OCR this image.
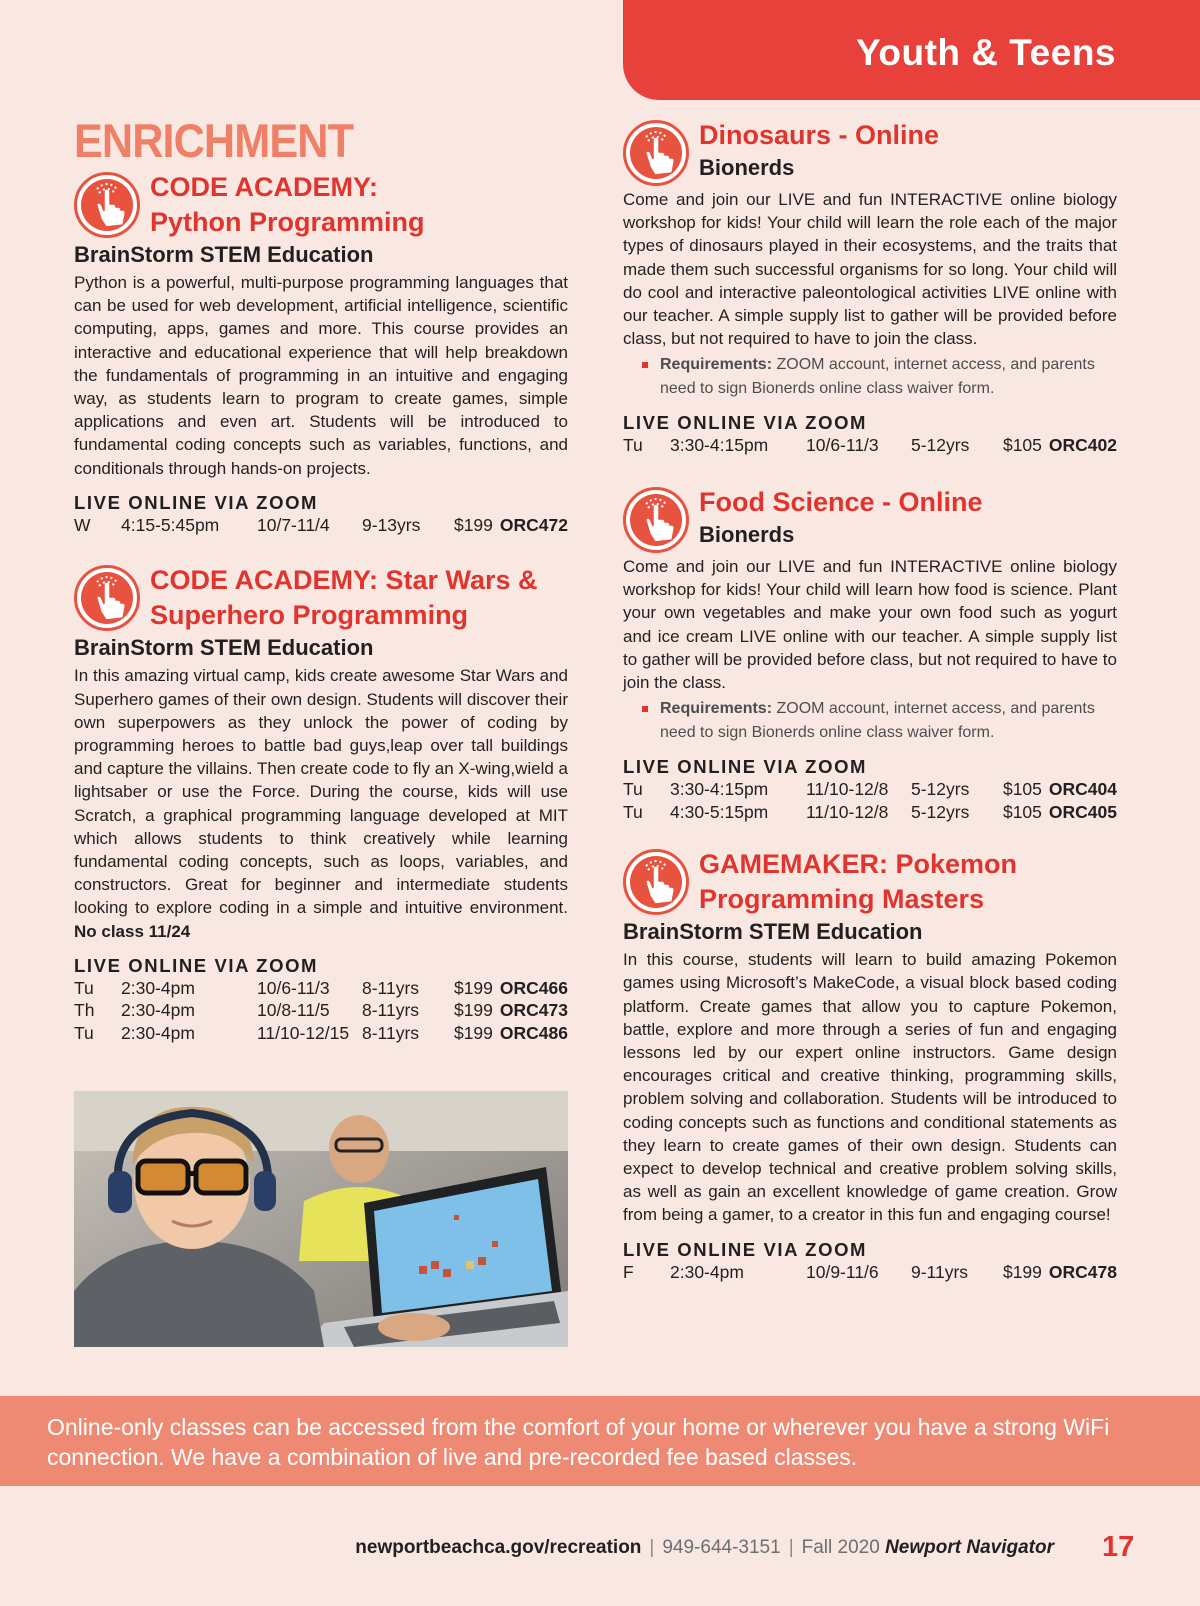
Youth & Teens
ENRICHMENT
CODE ACADEMY:
Python Programming
BrainStorm STEM Education
Python is a powerful, multi-purpose programming languages that can be used for web development, artificial intelligence, scientific computing, apps, games and more. This course provides an interactive and educational experience that will help breakdown the fundamentals of programming in an intuitive and engaging way, as students learn to program to create games, simple applications and even art. Students will be introduced to fundamental coding concepts such as variables, functions, and conditionals through hands-on projects.
LIVE ONLINE VIA ZOOM
W	4:15-5:45pm	10/7-11/4	9-13yrs	$199 ORC472
CODE ACADEMY: Star Wars &
Superhero Programming
BrainStorm STEM Education
In this amazing virtual camp, kids create awesome Star Wars and Superhero games of their own design. Students will discover their own superpowers as they unlock the power of coding by programming heroes to battle bad guys,leap over tall buildings and capture the villains. Then create code to fly an X-wing,wield a lightsaber or use the Force. During the course, kids will use Scratch, a graphical programming language developed at MIT which allows students to think creatively while learning fundamental coding concepts, such as loops, variables, and constructors. Great for beginner and intermediate students looking to explore coding in a simple and intuitive environment. No class 11/24
LIVE ONLINE VIA ZOOM
Tu	2:30-4pm	10/6-11/3	8-11yrs	$199 ORC466
Th	2:30-4pm	10/8-11/5	8-11yrs	$199 ORC473
Tu	2:30-4pm	11/10-12/15 8-11yrs	$199 ORC486
Dinosaurs - Online
Bionerds
Come and join our LIVE and fun INTERACTIVE online biology workshop for kids! Your child will learn the role each of the major types of dinosaurs played in their ecosystems, and the traits that made them such successful organisms for so long. Your child will do cool and interactive paleontological activities LIVE online with our teacher. A simple supply list to gather will be provided before class, but not required to have to join the class.
Requirements: ZOOM account, internet access, and parents need to sign Bionerds online class waiver form.
LIVE ONLINE VIA ZOOM
Tu	3:30-4:15pm	10/6-11/3	5-12yrs	$105 ORC402
Food Science - Online
Bionerds
Come and join our LIVE and fun INTERACTIVE online biology workshop for kids! Your child will learn how food is science. Plant your own vegetables and make your own food such as yogurt and ice cream LIVE online with our teacher. A simple supply list to gather will be provided before class, but not required to have to join the class.
Requirements: ZOOM account, internet access, and parents need to sign Bionerds online class waiver form.
LIVE ONLINE VIA ZOOM
Tu	3:30-4:15pm	11/10-12/8	5-12yrs	$105 ORC404
Tu	4:30-5:15pm	11/10-12/8	5-12yrs	$105 ORC405
GAMEMAKER: Pokemon
Programming Masters
BrainStorm STEM Education
In this course, students will learn to build amazing Pokemon games using Microsoft’s MakeCode, a visual block based coding platform. Create games that allow you to capture Pokemon, battle, explore and more through a series of fun and engaging lessons led by our expert online instructors. Game design encourages critical and creative thinking, programming skills, problem solving and collaboration. Students will be introduced to coding concepts such as functions and conditional statements as they learn to create games of their own design. Students can expect to develop technical and creative problem solving skills, as well as gain an excellent knowledge of game creation. Grow from being a gamer, to a creator in this fun and engaging course!
LIVE ONLINE VIA ZOOM
F	2:30-4pm	10/9-11/6	9-11yrs	$199 ORC478

Online-only classes can be accessed from the comfort of your home or wherever you have a strong WiFi connection. We have a combination of live and pre-recorded fee based classes.

newportbeachca.gov/recreation | 949-644-3151 | Fall 2020 Newport Navigator 17
